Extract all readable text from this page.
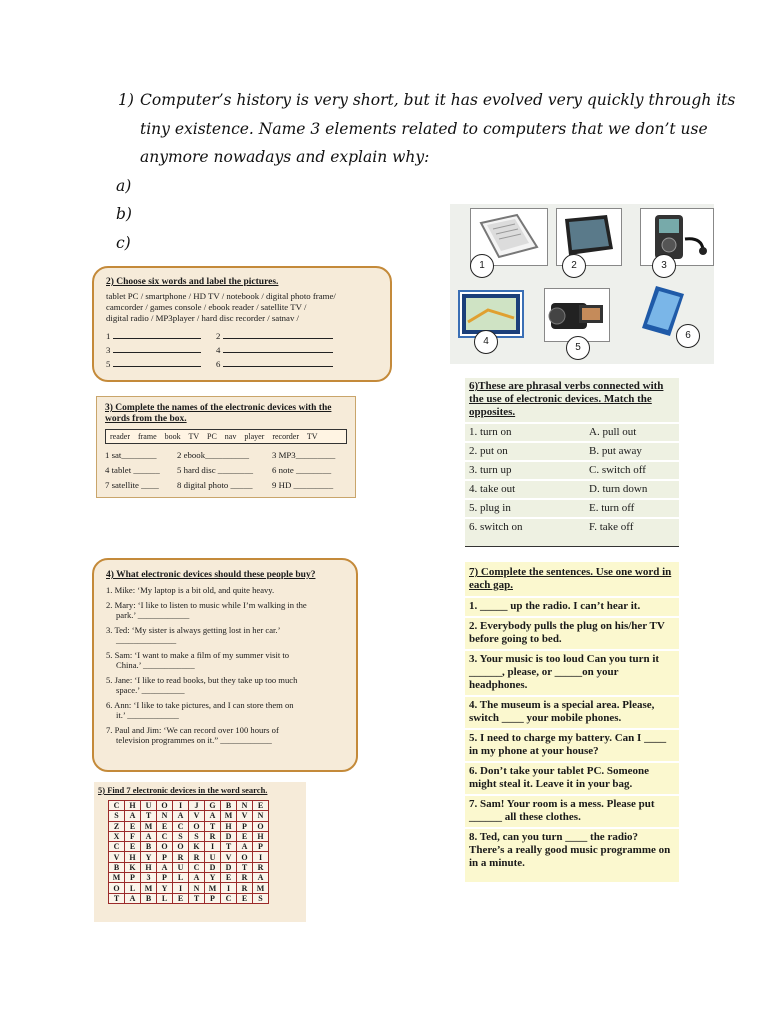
1) Computer’s history is very short, but it has evolved very quickly through its
tiny existence. Name 3 elements related to computers that we don’t use
anymore nowadays and explain why:
a)
b)
c)
2) Choose six words and label the pictures.
tablet PC / smartphone / HD TV / notebook / digital photo frame/
camcorder / games console / ebook reader / satellite TV /
digital radio / MP3player / hard disc recorder / satnav /
1	2
3	4
5	6
3) Complete the names of the electronic devices with the words from the box.
reader frame book TV PC nav player recorder TV
1 sat________	2 ebook__________	3 MP3_________
4 tablet ______	5 hard disc ________	6 note ________
7 satellite ____	8 digital photo _____	9 HD _________
4) What electronic devices should these people buy?
1. Mike: ‘My laptop is a bit old, and quite heavy.
2. Mary: ‘I like to listen to music while I’m walking in the
park.’ ____________
3. Ted: ‘My sister is always getting lost in her car.’
______________
5. Sam: ‘I want to make a film of my summer visit to
China.’ ____________
5. Jane: ‘I like to read books, but they take up too much
space.’ __________
6. Ann: ‘I like to take pictures, and I can store them on
it.’ ____________
7. Paul and Jim: ‘We can record over 100 hours of
television programmes on it.” ____________
5) Find 7 electronic devices in the word search.
C	H	U	O	I	J	G	B	N	E
S	A	T	N	A	V	A	M	V	N
Z	E	M	E	C	O	T	H	P	O
X	F	A	C	S	S	R	D	E	H
C	E	B	O	O	K	I	T	A	P
V	H	Y	P	R	R	U	V	O	I
B	K	H	A	U	C	D	D	T	R
M	P	3	P	L	A	Y	E	R	A
O	L	M	Y	I	N	M	I	R	M
T	A	B	L	E	T	P	C	E	S
1	2	3
4
5
6
6)These are phrasal verbs connected with the use of electronic devices. Match the opposites.
1. turn on	A. pull out
2. put on	B. put away
3. turn up	C. switch off
4. take out	D. turn down
5. plug in	E. turn off
6. switch on	F. take off
7) Complete the sentences. Use one word in each gap.
1. _____ up the radio. I can’t hear it.
2. Everybody pulls the plug on his/her TV before going to bed.
3. Your music is too loud Can you turn it ______, please, or _____on your headphones.
4. The museum is a special area. Please, switch ____ your mobile phones.
5. I need to charge my battery. Can I ____ in my phone at your house?
6. Don’t take your tablet PC. Someone might steal it. Leave it in your bag.
7. Sam! Your room is a mess. Please put ______ all these clothes.
8. Ted, can you turn ____ the radio? There’s a really good music programme on in a minute.
